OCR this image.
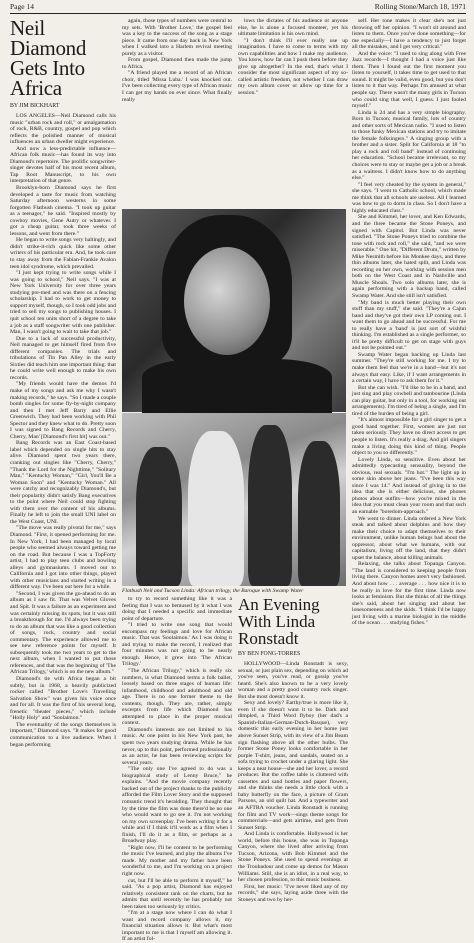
Page 14	Rolling Stone/March 18, 1971
Neil Diamond Gets Into Africa
BY JIM BICKHART

LOS ANGELES—Neil Diamond calls his music "urban rock and roll," or amalgamation of rock, R&B, country, gospel and pop which reflects the polished manner of musical influences an urban dweller might experience.

And now a less-predictable influence—African folk music—has found its way into Diamond's repertoire. The prolific songwriter-singer devotes half of his most recent album, Tap Root Manuscript, to his own interpretation of that genre.

Brooklyn-born Diamond says he first developed a taste for music from watching Saturday afternoon westerns in some forgotten Flatbush cinema. "I took up guitar as a teenager," he said. "Inspired mostly by cowboy movies, Gene Autry or whatever. I got a cheap guitar, took three weeks of lessons, and went from there."

He began to write songs very haltingly, and didn't strike-it-rich quick like some other writers of his particular era. And, he took care to stay away from the Fabian-Frankie Avalon teen idol syndrome, which prevailed.

"I just kept trying to write songs while I was going to school," Neil says. "I was at New York University for over three years studying pre-med and was there on a fencing scholarship. I had to work to get money to support myself, though, so I took odd jobs and tried to sell my songs to publishing houses. I quit school ten units short of a degree to take a job as a staff songwriter with one publisher. Man, I wasn't going to wait to take that job."

Due to a lack of successful productivity, Neil managed to get himself fired from five different companies. The trials and tribulations of Tin Pan Alley in the early Sixties did teach him one important thing: that he could write well enough to make his own records.

"My friends would have the demos I'd make of my songs and ask me why I wasn't making records," he says. "So I made a couple bomb singles for some fly-by-night company and then I met Jeff Barry and Ellie Greenwich. They had been working with Phil Spector and they knew what to do. Pretty soon I was signed to Bang Records and Cherry, Cherry, Man' [Diamond's first hit] was out."

Bang Records was an East Coast-based label which depended on single hits to stay alive. Diamond spent two years there, cranking out singles like "Cherry, Cherry," "Thank the Lord for the Nighttime," "Solitary Man," "Kentucky Woman," "Girl, You'll Be a Woman Soon" and "Kentucky Woman." All were catchy and recognizably Diamond's, but their popularity didn't satisfy Bang executives to the point where Neil could stop fighting with them over the content of his albums. Finally he left to join the small UNI label on the West Coast, UNI.

"The move was really pivotal for me," says Diamond. "First, it opened performing for me. In New York, I had been managed by local people who seemed always toward getting me on the road. But because I was a TopForty artist, I had to play teen clubs and bowling alleys and gymnasiums. I moved out to California and I got into other things, played with other musicians and started writing in a different way. I've been out here for a while.

"Second, I was given the go-ahead to do an album as I saw fit. That was Velvet Gloves and Spit. It was a failure as an experiment and was certainly missing its spots, but it was still a breakthrough for me. I'd always been trying to do an album that was like a good collection of songs, rock, country and social commentary. The experience allowed me to see new reference points for myself. It subsequently took me two years to get to the next album, when I wanted to put those references, and that was the beginning of 'The African Trilogy,' which is on the new album."

Diamond's tie with Africa began a bit subtly, but in 1968, a heavily publicized rocker called "Brother Love's Travelling Salvation Show" was given his voice once and for all. It was the first of his several long, frenetic "theater pieces," which include "Holly Holy" and "Soolaimon."

The eventuality of the songs themselves is important," Diamond says. "It makes for good communication to a live audience. When I began performing

again, those types of numbers were central to my sets. With 'Brother Love,' the gospel feel was a key to the success of the song as a stage piece. It came from one day back in New York when I walked into a Harlem revival meeting purely as a visitor.

From gospel, Diamond then made the jump to Africa.

"A friend played me a record of an African choir, titled 'Missa Luba.' I was knocked out. I've been collecting every type of African music I can get my hands on ever since. What finally really

lows the dictates of his audience or anyone else, he is alone a focused monteer, yet his ultimate limitation is his own mind.

"I don't think I'll ever really use up imagination. I have to come to terms with my own capabilities and how I make my audience. You know, how far can I push them before they give up altogether? In the end, that's what I consider the most significant aspect of my so-called artistic freedom, not whether I can draw my own album cover or allow up time for a session."

Flatbush Neil and Tucson Linda: African trilogy, the Baroque with Swamp Water

to try to record something like it was a feeling that I was so bemused by it what I was doing that I needed a specific and immediate point of departure.

"I tried to write one song that would encompass my feelings and love for African music. That was 'Soolaimon.' As I was doing it and trying to make the record, I realized that four minutes was not going to be nearly enough. Hence, it grew into 'The African Trilogy.'

"The African Trilogy," which is really six numbers, is what Diamond terms a folk ballet, loosely based on three stages of human life: infanthood, childhood and adulthood and old age. There is no one former theme to the contents, though. They are, rather, simply excerpts from life which Diamond has attempted to place in the proper musical context.

Diamond's interests are not limited to his music. At one point in his New York past, he spent two years studying drama. While he has never, up to this point, performed professionally as an actor, he has been reviewing scripts for several years.

"The only one I've agreed to do was a biographical study of Lenny Bruce," he explains. "And the movie company recently backed out of the project thanks to the publicity afforded the Film Lover Story and the supposed romantic trend it's heralding. They thought that by the time the film was done there'd be no one who would want to go see it. I'm not working on my own screenplay. I've been writing it for a while and if I think it'll work as a film when I finish, I'll do it as a film, or perhaps as a Broadway play.

"Right now, I'll be content to be performing the music I've learned, and play the albums I've made. My mother and my father have been wonderful to me, and I'm working on a project right now.

cut, but I'll be able to perform it myself," he said. "As a pop artist, Diamond has enjoyed relatively consistent rank on the charts, but he admits that until recently he has probably not been taken too seriously by critics.

"I'm at a stage now where I can do what I want and record company allows it, my financial situation allows it. But what's most important to me is that I myself am allowing it. If an artist fol-

An Evening With Linda Ronstadt
BY BEN FONG-TORRES

HOLLYWOOD—Linda Ronstadt is sexy, sexual, or just plain sex, depending on which ad you've seen, you've read, or gossip you've heard. She's also known to be a very lovely woman and a pretty good country rock singer. But she most doesn't know it.

Sexy and lovely? Earthy/true is more like it, even if she doesn't want it to be. Dark and dimpled, a Third Word flyboy (her dad's a Spanish-Italian-German-Dutch-Basque), very domestic this early evening in her home just above Sunset Strip, with its view of a Jim Beam sign flashing above all the other bulbs. The former Stone Poney looks comfortable in her purple T-shirt, jeans, and sandals, seated on a sofa trying to crochet under a glaring light. She keeps a neat house—she and her lover, a record producer. But the coffee table is cluttered with cassettes and sand bottles and paper flowers, and she thinks she needs a little clock with a baby butterfly on the face, a picture of Gram Parsons, an old quilt hat. And a typewriter and an AFTRA voucher. Linda Ronstadt is running for film and TV work—sings theme songs for commercials—and gets airtime, and gets from Sunset Strip.

And Linda is comfortable. Hollywood is her world, before this house, she was in Topanga Canyon, where she lived after arriving from Tucson, Arizona, with Bob Kimmel and the Stone Poneys. She used to spend evenings at the Troubadour and come up demos for Mason Williams. Still, she is an idiot, in a real way, to her chosen profession, to this music business.

First, her music: "I've never liked any of my records," she says, laying aside three with the Stoneys and two by her-

self. Her tone makes it clear she's not just throwing off her opinion. "I won't sit around and listen to them. Once you've done something—for me especially—I have a tendency to just forget all the mistakes, and I get very critical."

And the voice: "I used to sing along with Free Jazz records—I thought I had a voice just like them. Then I found out the first moment you listen to yourself, it takes time to get used to that sound. It might be valid, even good, but you don't listen to it that way. Perhaps I'm amused at what people say. There wasn't the many girls in Tucson who could sing that well, I guess. I just fooled myself."

Linda is 24 and has a very simple biography. Born in Tucson; musical family, lots of country and other sorts of Mexican radio. "I used to listen to those funky Mexican stations and try to imitate the female folksingers." A singing group with a brother and a sister. Split for California at 18 "to play a rock and roll band" instead of continuing her education. "School became irrelevant, so my choices were to stay or maybe get a job or a break as a waitress. I didn't know how to do anything else."

"I feel very cheated by the system in general," she says. "I went to Catholic school, which made me think that all schools are useless. All I learned was how to go to dorm in class. So I don't have a highly educated class."

She and Kimmel, her lover, and Ken Edwards, and the three became the Stone Poneys, and signed with Capitol. But Linda was never satisfied. "The Stone Poneys tried to combine the tone with rock and roll," she said, "and we were miserable." One hit, "Different Drum," written by Mike Nesmith before his Monkee days, and three thin albums later, she hated split, and Linda was recording on her own, working with session men both on the West Coast and in Nashville and Muscle Shoals. Two solo albums later, she is again performing with a backup band, called Swamp Water. And she still isn't satisfied.

"My band is much better playing their own stuff than my stuff," she said. "They're a Cajun band and they've got their own LP coming out. I want them to go ahead and be successful. For me to really have a 'band' is just sort of wishful thinking. I'm established as a single performer, so it'll be pretty difficult to get on stage with guys and not be pointed out."

Swamp Water began backing up Linda last summer. "They're still working for me. I try to make them feel that we're in a band—but it's not always that easy. Like, if I want arrangements in a certain way, I have to ask them for it."

But she can wish. "I'd like to be in a band, and just sing and play cowbell and tambourine (Linda can play guitar, but only in a tool, for working out arrangements). I'm tired of being a single, and I'm tired of the burden of being a girl.

"It's almost impossible for a girl singer to get a good band together. First, women are just not taken seriously. They have no direct access to get people to listen. It's really a drag. And girl singers make a living doing this kind of thing. People object to you so differently."

Lovely Linda, so sensitive. Even about her admittedly typecasting sensuality, beyond the obvious, real sexuals. "I'm hot." The light up in some skin above her jeans. "I've been this way since I was 14." And instead of giving in to the idea that she is either delicious, she phones photos about outfits—how you're mixed in the idea that you must clean your room and that such an earnable "boredom-approach."

We went to dinner. Linda ordered a New York steak and talked about dolphins and how they make their choice to adapt themselves to their environment, unlike human beings bad about the oppressor, about what we humans, with our capitalism, living off the land, that they didn't upset the balance, about killing animals.

Relaxing, she talks about Topanga Canyon. "The land is considered to keeping people from living there. Canyon homes aren't very fashioned. And about how . . . average . . . how nice it is to be really in love for the first time. Linda now looks at feminism. But she thinks of all the things she's said, about her singing and about her lonesomeness and the skids. "I think I'd be happy just living with a marine biologist in the middle of the ocean . . . studying fishes."
